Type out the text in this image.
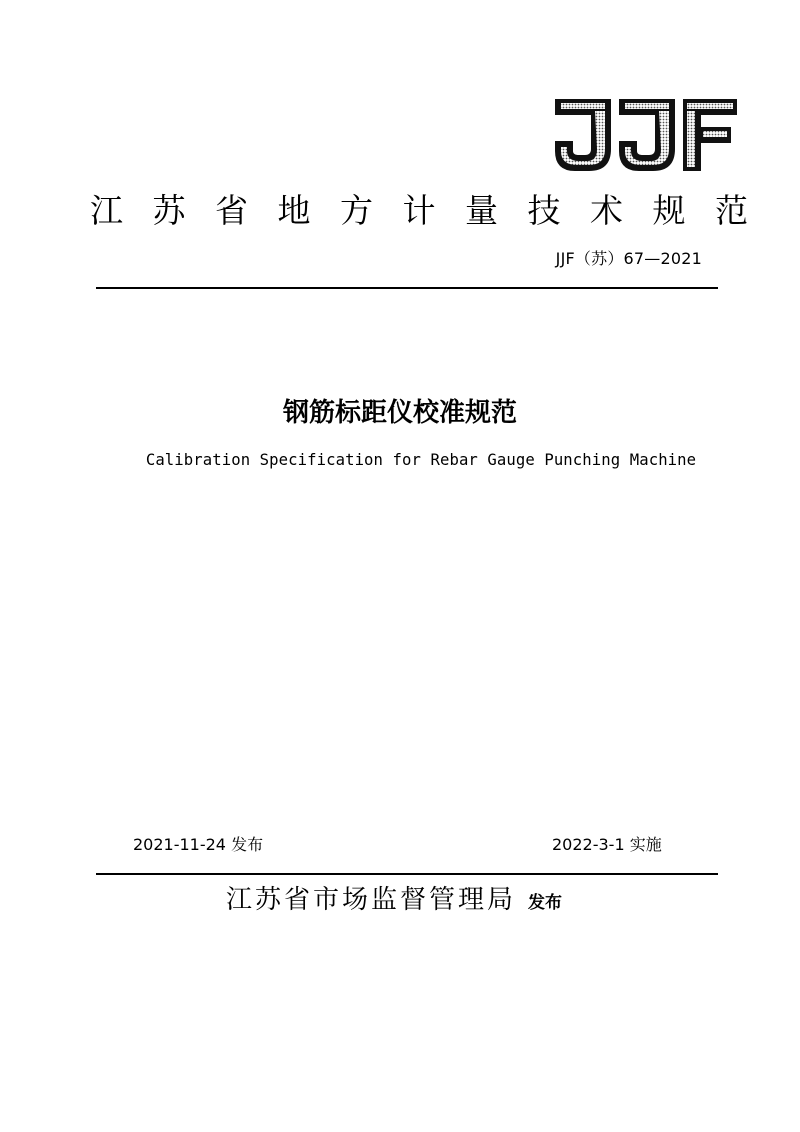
江 苏 省 地 方 计 量 技 术 规 范
JJF（苏）67—2021
钢筋标距仪校准规范
Calibration Specification for Rebar Gauge Punching Machine
2021-11-24 发布	2022-3-1 实施
江苏省市场监督管理局 发布
